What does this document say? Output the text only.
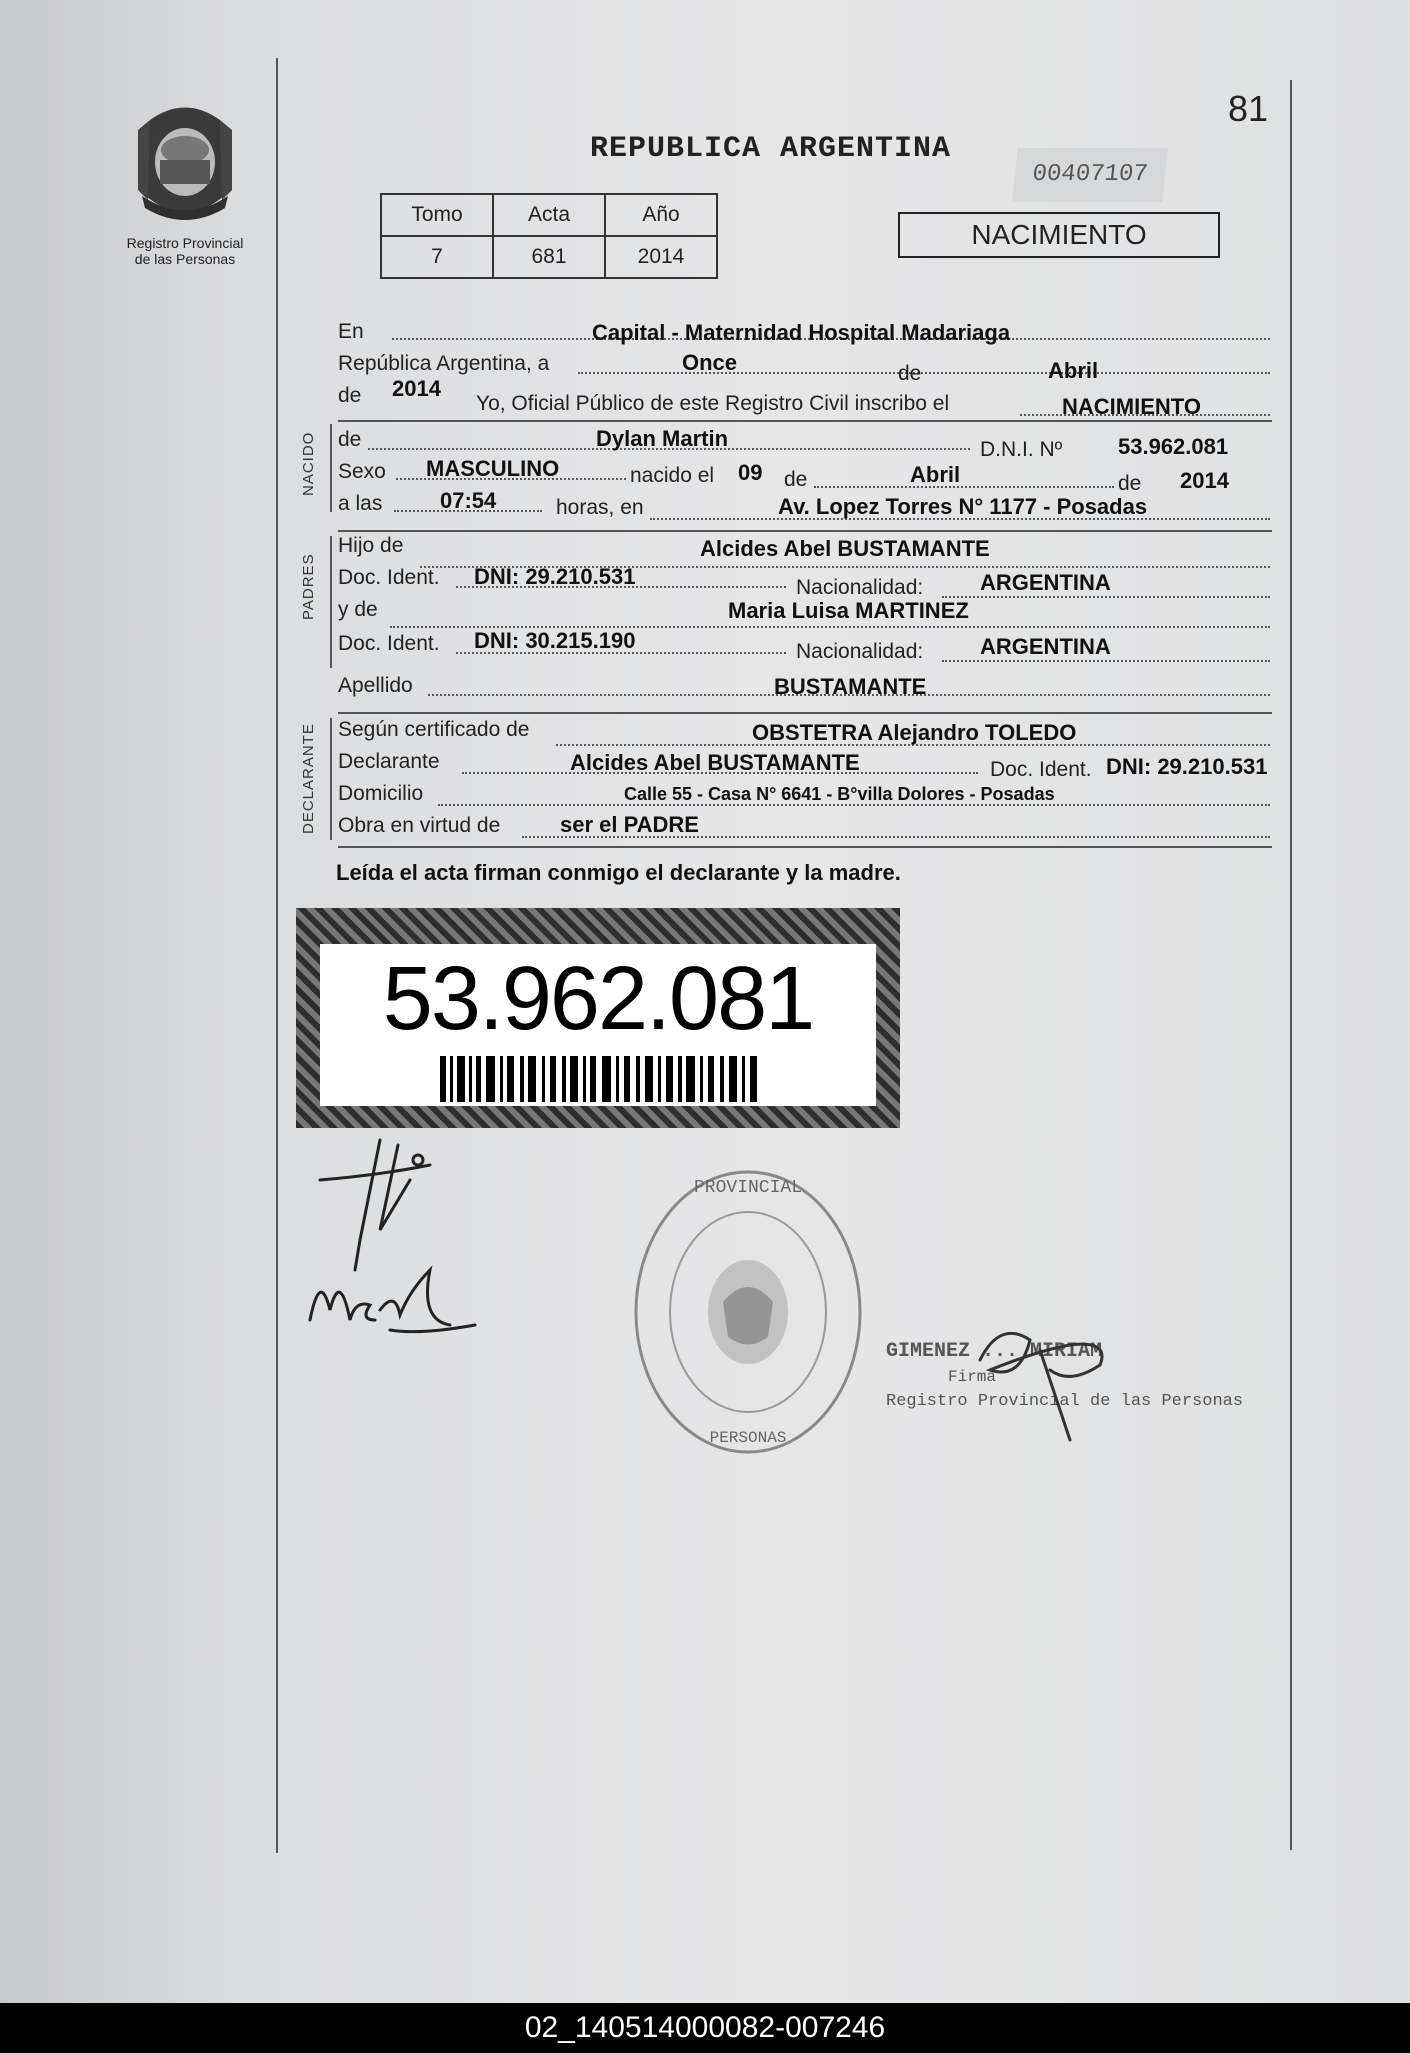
Registro Provincial
de las Personas
81
REPUBLICA ARGENTINA
00407107
Tomo	Acta	Año
7	681	2014
NACIMIENTO
En	Capital - Maternidad Hospital Madariaga
República Argentina, a	Once	de	Abril
de 2014
Yo, Oficial Público de este Registro Civil inscribo el	NACIMIENTO
NACIDO de	Dylan Martin	D.N.I. Nº	53.962.081
Sexo MASCULINO	nacido el 09 de	Abril	de 2014
a las	07:54	horas, en	Av. Lopez Torres N° 1177 - Posadas
PADRES
Hijo de	Alcides Abel BUSTAMANTE
Doc. Ident. DNI: 29.210.531	Nacionalidad:	ARGENTINA
y de	Maria Luisa MARTINEZ
Doc. Ident. DNI: 30.215.190	Nacionalidad:	ARGENTINA
Apellido	BUSTAMANTE
DECLARANTE Según certificado de	OBSTETRA Alejandro TOLEDO
Declarante	Alcides Abel BUSTAMANTE	Doc. Ident. DNI: 29.210.531
Domicilio	Calle 55 - Casa N° 6641 - B°villa Dolores - Posadas
Obra en virtud de	ser el PADRE
Leída el acta firman conmigo el declarante y la madre.
53.962.081
PROVINCIAL
PERSONAS
GIMENEZ ... MIRIAM
Firma
Registro Provincial de las Personas
02_140514000082-007246
